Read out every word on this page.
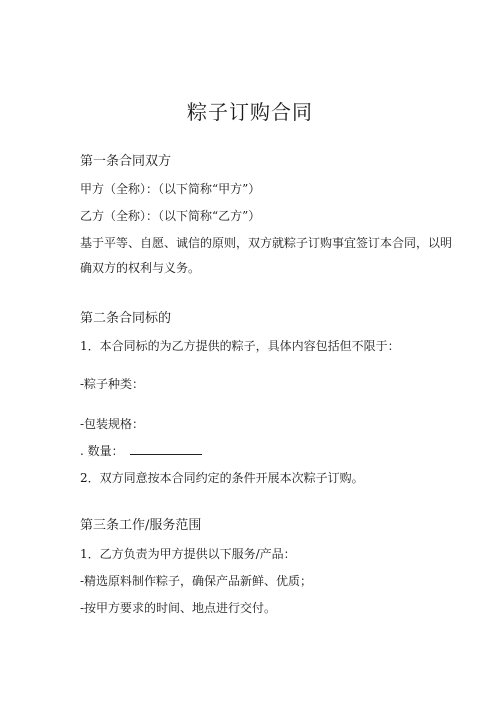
粽子订购合同
第一条合同双方
甲方（全称）：（以下简称“甲方”）
乙方（全称）：（以下简称“乙方”）
基于平等、自愿、诚信的原则，双方就粽子订购事宜签订本合同，以明
确双方的权利与义务。
第二条合同标的
1．本合同标的为乙方提供的粽子，具体内容包括但不限于：
-粽子种类：
-包装规格：
. 数量：
2．双方同意按本合同约定的条件开展本次粽子订购。
第三条工作/服务范围
1．乙方负责为甲方提供以下服务/产品：
-精选原料制作粽子，确保产品新鲜、优质；
-按甲方要求的时间、地点进行交付。
